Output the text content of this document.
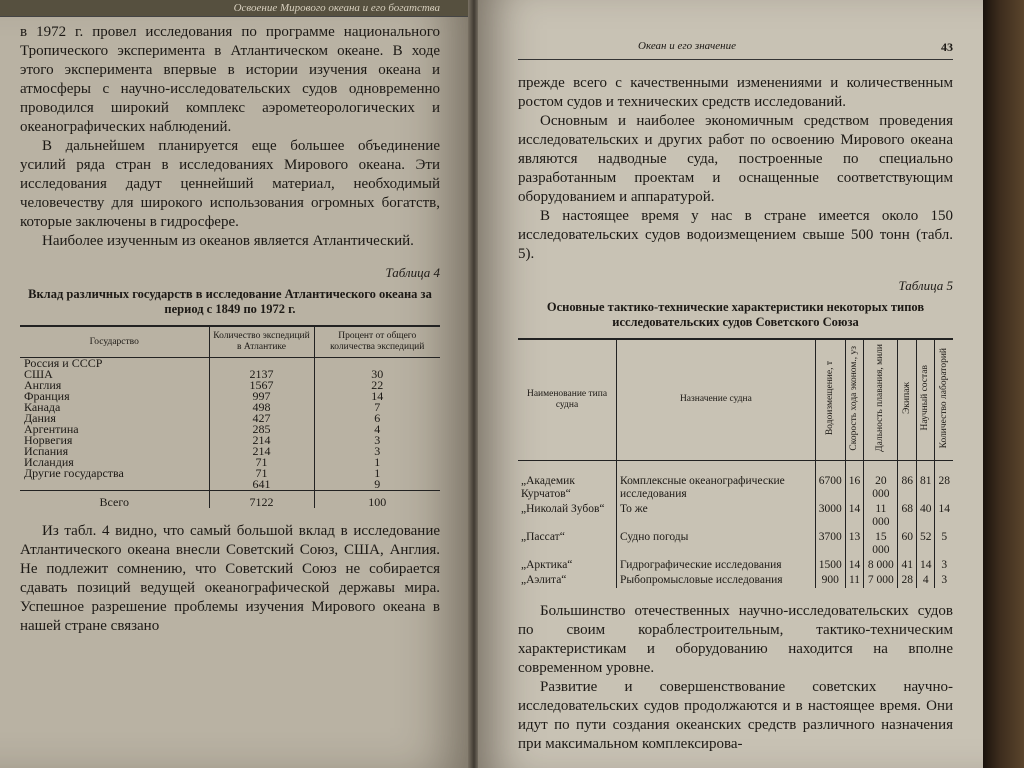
Освоение Мирового океана и его богатства

в 1972 г. провел исследования по программе национального Тропического эксперимента в Атлантическом океане. В ходе этого эксперимента впервые в истории изучения океана и атмосферы с научно-исследовательских судов одновременно проводился широкий комплекс аэрометеорологических и океанографических наблюдений.

В дальнейшем планируется еще большее объединение усилий ряда стран в исследованиях Мирового океана. Эти исследования дадут ценнейший материал, необходимый человечеству для широкого использования огромных богатств, которые заключены в гидросфере.

Наиболее изученным из океанов является Атлантический.

Таблица 4
Вклад различных государств в исследование Атлантического океана за период с 1849 по 1972 г.
Государство	Количество экспедиций в Атлантике	Процент от общего количества экспедиций
Россия и СССР		
США	2137	30
Англия	1567	22
Франция	997	14
Канада	498	7
Дания	427	6
Аргентина	285	4
Норвегия	214	3
Испания	214	3
Исландия	71	1
Другие государства	71	1
	641	9
Всего	7122	100

Из табл. 4 видно, что самый большой вклад в исследование Атлантического океана внесли Советский Союз, США, Англия. Не подлежит сомнению, что Советский Союз не собирается сдавать позиций ведущей океанографической державы мира. Успешное разрешение проблемы изучения Мирового океана в нашей стране связано

Океан и его значение	43

прежде всего с качественными изменениями и количественным ростом судов и технических средств исследований.

Основным и наиболее экономичным средством проведения исследовательских и других работ по освоению Мирового океана являются надводные суда, построенные по специально разработанным проектам и оснащенные соответствующим оборудованием и аппаратурой.

В настоящее время у нас в стране имеется около 150 исследовательских судов водоизмещением свыше 500 тонн (табл. 5).

Таблица 5
Основные тактико-технические характеристики некоторых типов исследовательских судов Советского Союза
Наименование типа судна	Назначение судна	Водоизмещение, т	Скорость хода эконом., уз	Дальность плавания, мили	Экипаж	Научный состав	Количество лабораторий
„Академик Курчатов“	Комплексные океанографические исследования	6700	16	20 000	86	81	28
„Николай Зубов“	То же	3000	14	11 000	68	40	14
„Пассат“	Судно погоды	3700	13	15 000	60	52	5
„Арктика“	Гидрографические исследования	1500	14	8 000	41	14	3
„Аэлита“	Рыбопромысловые исследования	900	11	7 000	28	4	3

Большинство отечественных научно-исследовательских судов по своим кораблестроительным, тактико-техническим характеристикам и оборудованию находится на вполне современном уровне.

Развитие и совершенствование советских научно-исследовательских судов продолжаются и в настоящее время. Они идут по пути создания океанских средств различного назначения при максимальном комплексирова-
